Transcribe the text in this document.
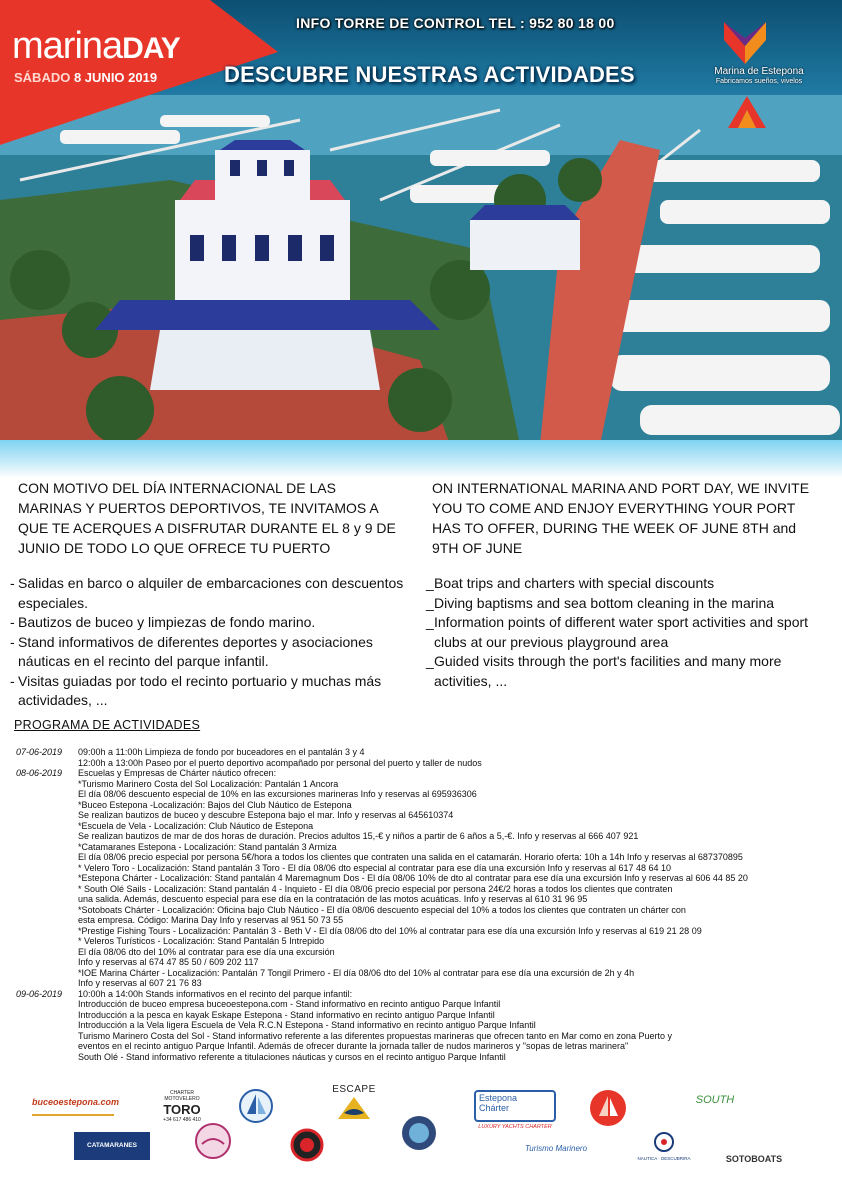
marinaDAY
SÁBADO 8 JUNIO 2019
INFO TORRE DE CONTROL TEL : 952 80 18 00
DESCUBRE NUESTRAS ACTIVIDADES	Marina de Estepona
Fabricamos sueños, vivelos
CON MOTIVO DEL DÍA INTERNACIONAL DE LAS MARINAS Y PUERTOS DEPORTIVOS, TE INVITAMOS A QUE TE ACERQUES A DISFRUTAR DURANTE EL 8 y 9 DE JUNIO DE TODO LO QUE OFRECE TU PUERTO
ON INTERNATIONAL MARINA AND PORT DAY, WE INVITE YOU TO COME AND ENJOY EVERYTHING YOUR PORT HAS TO OFFER, DURING THE WEEK OF JUNE 8TH and 9TH OF JUNE
- Salidas en barco o alquiler de embarcaciones con descuentos especiales.
- Bautizos de buceo y limpiezas de fondo marino.
- Stand informativos de diferentes deportes y asociaciones náuticas en el recinto del parque infantil.
- Visitas guiadas por todo el recinto portuario y muchas más actividades, ...
_ Boat trips and charters with special discounts
_ Diving baptisms and sea bottom cleaning in the marina
_ Information points of different water sport activities and sport clubs at our previous playground area
_ Guided visits through the port's facilities and many more activities, ...
PROGRAMA DE ACTIVIDADES
07-06-2019	09:00h a 11:00h Limpieza de fondo por buceadores en el pantalán 3 y 4
12:00h a 13:00h Paseo por el puerto deportivo acompañado por personal del puerto y taller de nudos
08-06-2019	Escuelas y Empresas de Chárter náutico ofrecen:
*Turismo Marinero Costa del Sol Localización: Pantalán 1 Ancora
El día 08/06 descuento especial de 10% en las excursiones marineras Info y reservas al 695936306
*Buceo Estepona -Localización: Bajos del Club Náutico de Estepona
Se realizan bautizos de buceo y descubre Estepona bajo el mar. Info y reservas al 645610374
*Escuela de Vela - Localización: Club Náutico de Estepona
Se realizan bautizos de mar de dos horas de duración. Precios adultos 15,-€ y niños a partir de 6 años a 5,-€. Info y reservas al 666 407 921
*Catamaranes Estepona - Localización: Stand pantalán 3 Armiza
El día 08/06 precio especial por persona 5€/hora a todos los clientes que contraten una salida en el catamarán. Horario oferta: 10h a 14h Info y reservas al 687370895
* Velero Toro - Localización: Stand pantalán 3 Toro - El día 08/06 dto especial al contratar para ese día una excursión Info y reservas al 617 48 64 10
*Estepona Chárter - Localización: Stand pantalán 4 Maremagnum Dos - El día 08/06 10% de dto al contratar para ese día una excursión Info y reservas al 606 44 85 20
* South Olé Sails - Localización: Stand pantalán 4 - Inquieto - El día 08/06 precio especial por persona 24€/2 horas a todos los clientes que contraten
una salida. Además, descuento especial para ese día en la contratación de las motos acuáticas. Info y reservas al 610 31 96 95
*Sotoboats Chárter - Localización: Oficina bajo Club Náutico - El día 08/06 descuento especial del 10% a todos los clientes que contraten un chárter con
esta empresa. Código: Marina Day Info y reservas al 951 50 73 55
*Prestige Fishing Tours - Localización: Pantalán 3 - Beth V - El día 08/06 dto del 10% al contratar para ese día una excursión Info y reservas al 619 21 28 09
* Veleros Turísticos - Localización: Stand Pantalán 5 Intrepido
El día 08/06 dto del 10% al contratar para ese día una excursión
Info y reservas al 674 47 85 50 / 609 202 117
*IOE Marina Chárter - Localización: Pantalán 7 Tongil Primero - El día 08/06 dto del 10% al contratar para ese día una excursión de 2h y 4h
Info y reservas al 607 21 76 83
09-06-2019	10:00h a 14:00h Stands informativos en el recinto del parque infantil:
Introducción de buceo empresa buceoestepona.com - Stand informativo en recinto antiguo Parque Infantil
Introducción a la pesca en kayak Eskape Estepona - Stand informativo en recinto antiguo Parque Infantil
Introducción a la Vela ligera Escuela de Vela R.C.N Estepona - Stand informativo en recinto antiguo Parque Infantil
Turismo Marinero Costa del Sol - Stand informativo referente a las diferentes propuestas marineras que ofrecen tanto en Mar como en zona Puerto y
eventos en el recinto antiguo Parque Infantil. Además de ofrecer durante la jornada taller de nudos marineros y "sopas de letras marinera"
South Olé - Stand informativo referente a titulaciones náuticas y cursos en el recinto antiguo Parque Infantil
buceoestepona.com
CHARTER MOTOVELERO
TORO
+34 617 486 410
ESCAPE
Estepona
Chárter
LUXURY YACHTS CHARTER
SOUTH
CATAMARANES ESTEPONA
Turismo Marinero
NAUTICA · DESCUBRIRA	SOTOBOATS
